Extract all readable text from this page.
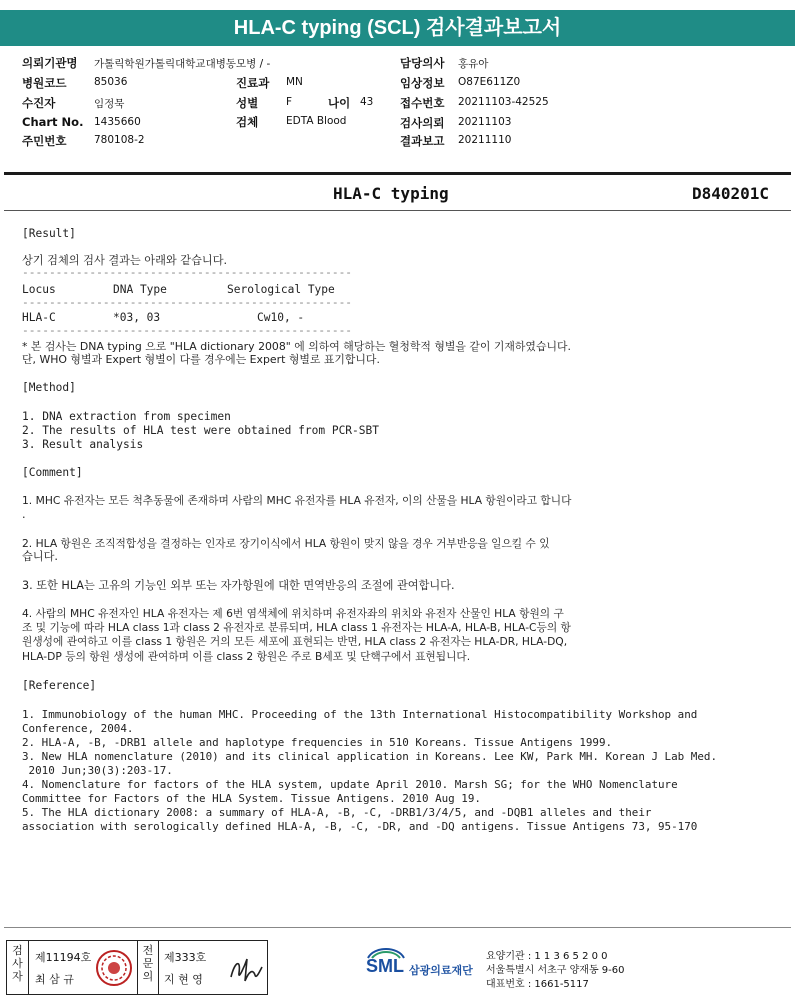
HLA-C typing (SCL) 검사결과보고서
의뢰기관명 가톨릭학원가톨릭대학교대병동모병 / -
병원코드	85036
수진자	임정묵
Chart No. 1435660
주민번호	780108-2
진료과 MN
성별	F	나이 43
검체	EDTA Blood
담당의사 홍유아
임상정보 O87E611Z0
접수번호 20211103-42525
검사의뢰 20211103
결과보고 20211110
HLA-C typing	D840201C
[Result]
상기 검체의 검사 결과는 아래와 같습니다.
-------------------------------------------------
Locus	DNA Type	Serological Type
-------------------------------------------------
HLA-C	*03, 03	Cw10, -
-------------------------------------------------
* 본 검사는 DNA typing 으로 "HLA dictionary 2008" 에 의하여 해당하는 혈청학적 형별을 같이 기재하였습니다.
단, WHO 형별과 Expert 형별이 다를 경우에는 Expert 형별로 표기합니다.
[Method]
1. DNA extraction from specimen
2. The results of HLA test were obtained from PCR-SBT
3. Result analysis
[Comment]
1. MHC 유전자는 모든 척추동물에 존재하며 사람의 MHC 유전자를 HLA 유전자, 이의 산물을 HLA 항원이라고 합니다
.
2. HLA 항원은 조직적합성을 결정하는 인자로 장기이식에서 HLA 항원이 맞지 않을 경우 거부반응을 일으킬 수 있
습니다.
3. 또한 HLA는 고유의 기능인 외부 또는 자가항원에 대한 면역반응의 조절에 관여합니다.
4. 사람의 MHC 유전자인 HLA 유전자는 제 6번 염색체에 위치하며 유전자좌의 위치와 유전자 산물인 HLA 항원의 구
조 및 기능에 따라 HLA class 1과 class 2 유전자로 분류되며, HLA class 1 유전자는 HLA-A, HLA-B, HLA-C등의 항
원생성에 관여하고 이를 class 1 항원은 거의 모든 세포에 표현되는 반면, HLA class 2 유전자는 HLA-DR, HLA-DQ,
HLA-DP 등의 항원 생성에 관여하며 이를 class 2 항원은 주로 B세포 및 단핵구에서 표현됩니다.
[Reference]
1. Immunobiology of the human MHC. Proceeding of the 13th International Histocompatibility Workshop and
Conference, 2004.
2. HLA-A, -B, -DRB1 allele and haplotype frequencies in 510 Koreans. Tissue Antigens 1999.
3. New HLA nomenclature (2010) and its clinical application in Koreans. Lee KW, Park MH. Korean J Lab Med.
2010 Jun;30(3):203-17.
4. Nomenclature for factors of the HLA system, update April 2010. Marsh SG; for the WHO Nomenclature
Committee for Factors of the HLA System. Tissue Antigens. 2010 Aug 19.
5. The HLA dictionary 2008: a summary of HLA-A, -B, -C, -DRB1/3/4/5, and -DQB1 alleles and their
association with serologically defined HLA-A, -B, -C, -DR, and -DQ antigens. Tissue Antigens 73, 95-170
검
사
자
제11194호
최 삼 규
전
문
의
제333호
지 현 영
SML 삼광의료재단
요양기관 : 1 1 3 6 5 2 0 0
서울특별시 서초구 양재동 9-60
대표번호 : 1661-5117
